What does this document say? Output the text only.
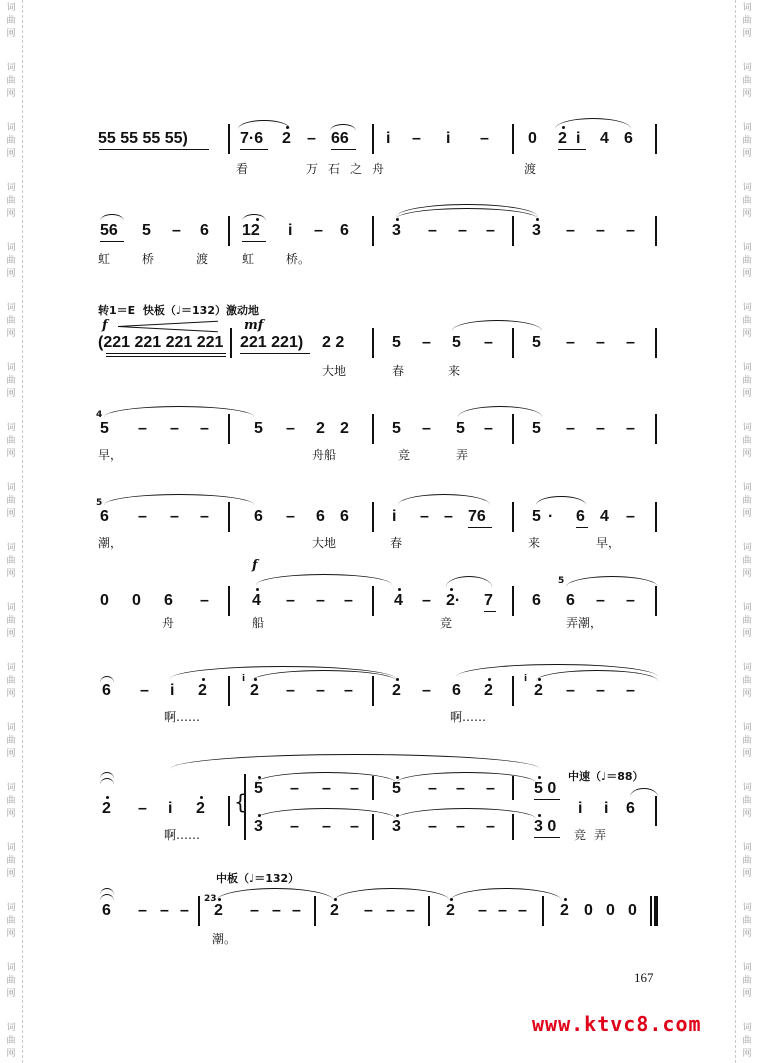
词
曲
网
词
曲
网
词
曲
网
词
曲
网
词
曲
网
词
曲
网
词
曲
网
词
曲
网
词
曲
网
词
曲
网
词
曲
网
词
曲
网
词
曲
网
词
曲
网
词
曲
网
词
曲
网
词
曲
网
词
曲
网
词
曲
网
词
曲
网
词
曲
网
词
曲
网
词
曲
网
词
曲
网
词
曲
网
词
曲
网
词
曲
网
词
曲
网
词
曲
网
词
曲
网
词
曲
网
词
曲
网
词
曲
网
词
曲
网
词
曲
网
词
曲
网
55 55 55 55)	7·6 2 – 66 i – i – 0 2 i 4 6
看	万石之舟	渡
56 5 – 6 12 i – 6	3 – – – 3 – – –
虹	桥	渡	虹	桥。
转1＝E  快板（♩＝132）激动地
f	mf
(221 221 221 221 221 221) 2 2	5 – 5 – 5 – – –
大地	春	来
4
5 – – –	5 – 2 2	5 – 5 – 5 – – –
早，	舟船	竞	弄
5
6 – – –	6 – 6 6	i – – 76	5 · 6 4 –
潮，	大地	春	来	早，
f
0 0 6 –	4 – – –	4 – 2· 7 6
5
6 – –
舟	船	竞	弄潮，
6 – i 2
i
2 – – – 2 – 6 2
i
2 – – –
啊……	啊……
2 – i 2 {
5 – – – 5 – – – 5 0
3 – – – 3 – – – 3 0
中速（♩＝88）
i i 6
啊……	竞弄
中板（♩＝132）
6 – – –
23
2 – – – 2 – – – 2 – – – 2 0 0 0
潮。
167
www.ktvc8.com
